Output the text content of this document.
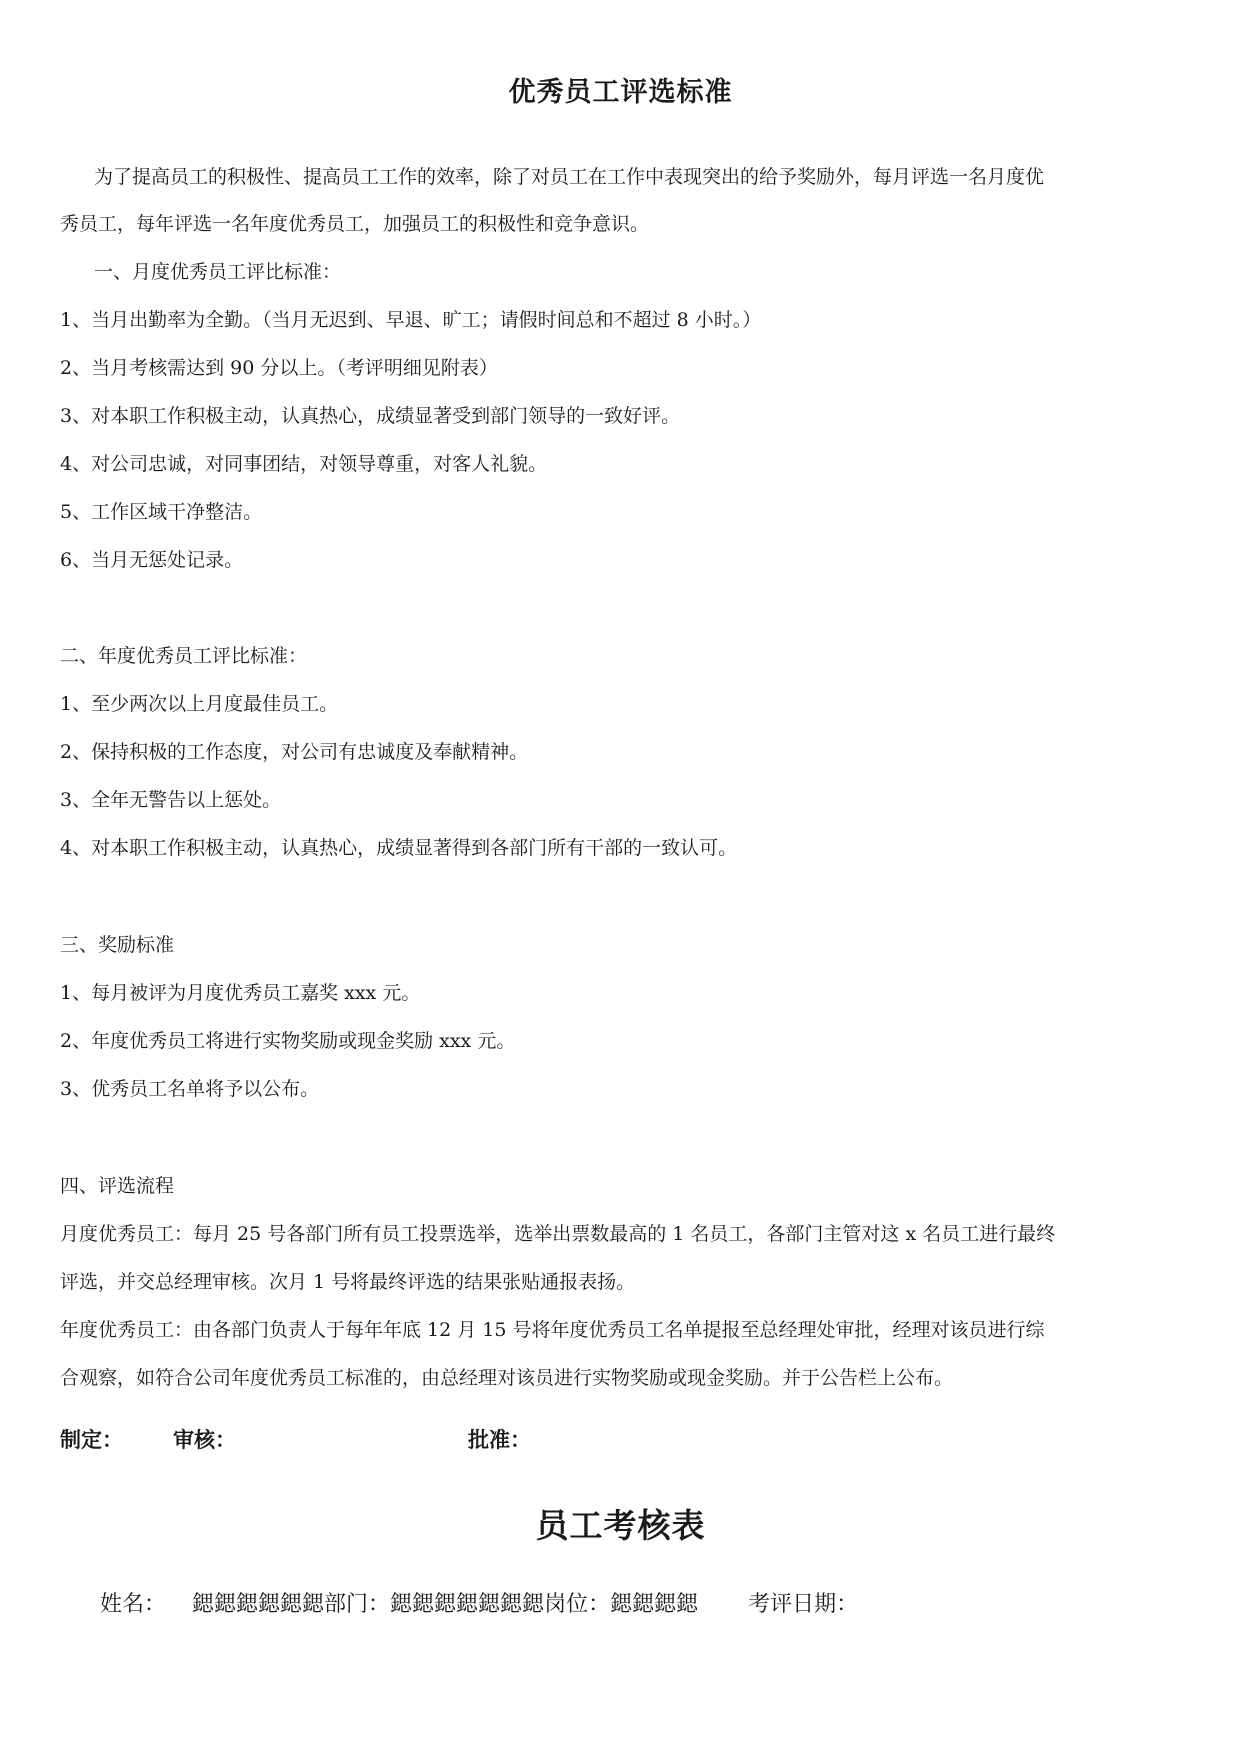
优秀员工评选标准
为了提高员工的积极性、提高员工工作的效率，除了对员工在工作中表现突出的给予奖励外，每月评选一名月度优
秀员工，每年评选一名年度优秀员工，加强员工的积极性和竞争意识。
一、月度优秀员工评比标准：
1、当月出勤率为全勤。（当月无迟到、早退、旷工；请假时间总和不超过 8 小时。）
2、当月考核需达到 90 分以上。（考评明细见附表）
3、对本职工作积极主动，认真热心，成绩显著受到部门领导的一致好评。
4、对公司忠诚，对同事团结，对领导尊重，对客人礼貌。
5、工作区域干净整洁。
6、当月无惩处记录。
二、年度优秀员工评比标准：
1、至少两次以上月度最佳员工。
2、保持积极的工作态度，对公司有忠诚度及奉献精神。
3、全年无警告以上惩处。
4、对本职工作积极主动，认真热心，成绩显著得到各部门所有干部的一致认可。
三、奖励标准
1、每月被评为月度优秀员工嘉奖 xxx 元。
2、年度优秀员工将进行实物奖励或现金奖励 xxx 元。
3、优秀员工名单将予以公布。
四、评选流程
月度优秀员工：每月 25 号各部门所有员工投票选举，选举出票数最高的 1 名员工，各部门主管对这 x 名员工进行最终
评选，并交总经理审核。次月 1 号将最终评选的结果张贴通报表扬。
年度优秀员工：由各部门负责人于每年年底 12 月 15 号将年度优秀员工名单提报至总经理处审批，经理对该员进行综
合观察，如符合公司年度优秀员工标准的，由总经理对该员进行实物奖励或现金奖励。并于公告栏上公布。
制定： 审核：	批准：
员工考核表
姓名： 鍶鍶鍶鍶鍶鍶部门：鍶鍶鍶鍶鍶鍶鍶岗位：鍶鍶鍶鍶 考评日期：
